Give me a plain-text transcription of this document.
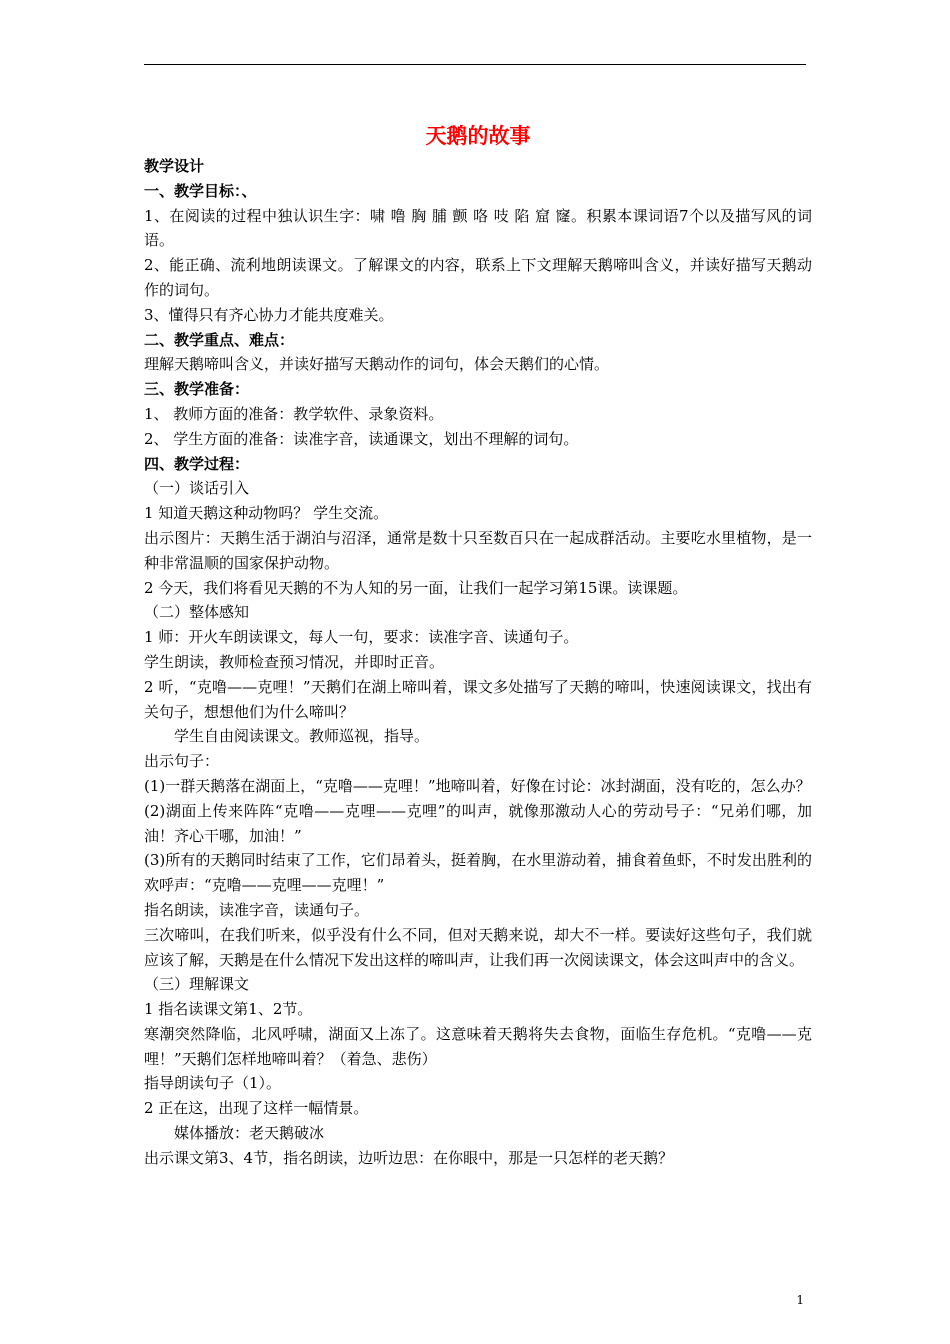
天鹅的故事
教学设计
一、教学目标：、
1、在阅读的过程中独认识生字：啸 噜 胸 脯 颤 咯 吱 陷 窟 窿。积累本课词语7个以及描写风的词语。
2、能正确、流利地朗读课文。了解课文的内容，联系上下文理解天鹅啼叫含义，并读好描写天鹅动作的词句。
3、懂得只有齐心协力才能共度难关。
二、教学重点、难点：
理解天鹅啼叫含义，并读好描写天鹅动作的词句，体会天鹅们的心情。
三、教学准备：
1、 教师方面的准备：教学软件、录象资料。
2、 学生方面的准备：读准字音，读通课文，划出不理解的词句。
四、教学过程：
（一）谈话引入
1 知道天鹅这种动物吗？ 学生交流。
出示图片：天鹅生活于湖泊与沼泽，通常是数十只至数百只在一起成群活动。主要吃水里植物，是一种非常温顺的国家保护动物。
2 今天，我们将看见天鹅的不为人知的另一面，让我们一起学习第15课。读课题。
（二）整体感知
1 师：开火车朗读课文，每人一句，要求：读准字音、读通句子。
学生朗读，教师检查预习情况，并即时正音。
2 听，“克噜——克哩！”天鹅们在湖上啼叫着，课文多处描写了天鹅的啼叫，快速阅读课文，找出有关句子，想想他们为什么啼叫？
学生自由阅读课文。教师巡视，指导。
出示句子：
(1)一群天鹅落在湖面上，“克噜——克哩！”地啼叫着，好像在讨论：冰封湖面，没有吃的，怎么办？
(2)湖面上传来阵阵“克噜——克哩——克哩”的叫声，就像那激动人心的劳动号子：“兄弟们哪，加油！齐心干哪，加油！”
(3)所有的天鹅同时结束了工作，它们昂着头，挺着胸，在水里游动着，捕食着鱼虾，不时发出胜利的欢呼声：“克噜——克哩——克哩！”
指名朗读，读准字音，读通句子。
三次啼叫，在我们听来，似乎没有什么不同，但对天鹅来说，却大不一样。要读好这些句子，我们就应该了解，天鹅是在什么情况下发出这样的啼叫声，让我们再一次阅读课文，体会这叫声中的含义。
（三）理解课文
1 指名读课文第1、2节。
寒潮突然降临，北风呼啸，湖面又上冻了。这意味着天鹅将失去食物，面临生存危机。“克噜——克哩！”天鹅们怎样地啼叫着？（着急、悲伤）
指导朗读句子（1）。
2 正在这，出现了这样一幅情景。
媒体播放：老天鹅破冰
出示课文第3、4节，指名朗读，边听边思：在你眼中，那是一只怎样的老天鹅？
1
